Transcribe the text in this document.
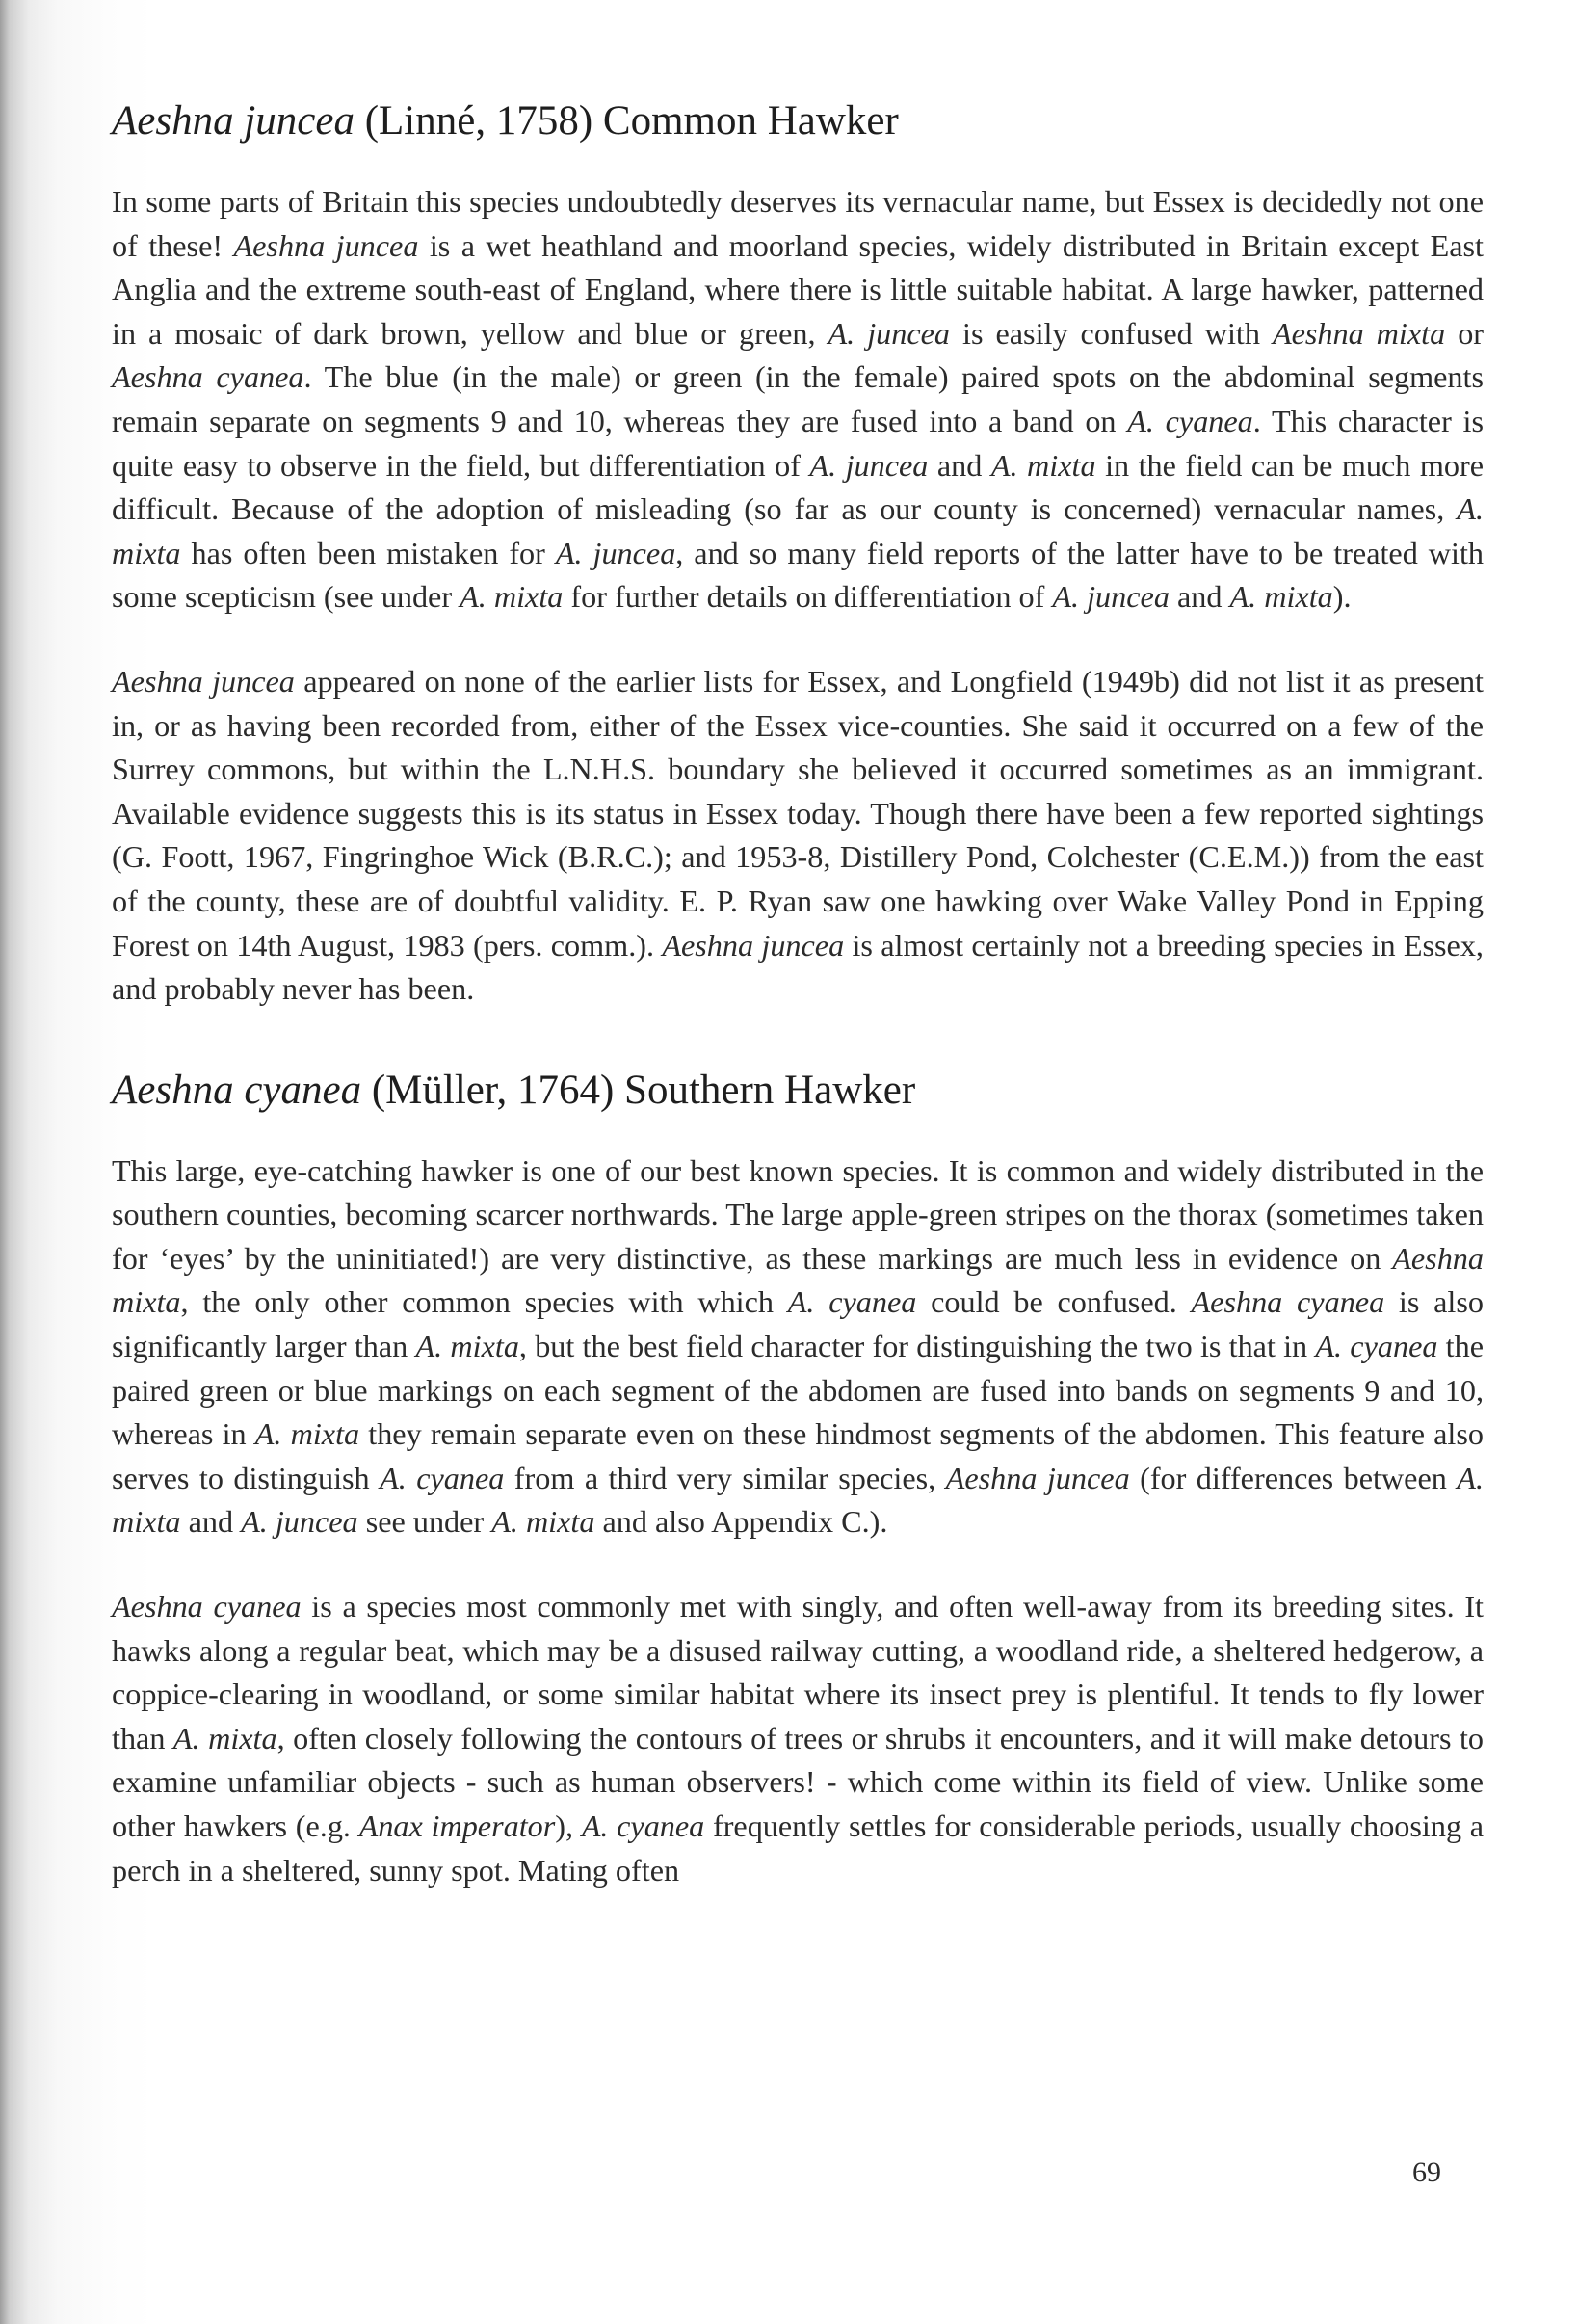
Aeshna juncea (Linné, 1758) Common Hawker

In some parts of Britain this species undoubtedly deserves its vernacular name, but Essex is decidedly not one of these! Aeshna juncea is a wet heathland and moorland species, widely distributed in Britain except East Anglia and the extreme south-east of England, where there is little suitable habitat. A large hawker, patterned in a mosaic of dark brown, yellow and blue or green, A. juncea is easily confused with Aeshna mixta or Aeshna cyanea. The blue (in the male) or green (in the female) paired spots on the abdominal segments remain separate on segments 9 and 10, whereas they are fused into a band on A. cyanea. This character is quite easy to observe in the field, but differentiation of A. juncea and A. mixta in the field can be much more difficult. Because of the adoption of misleading (so far as our county is concerned) vernacular names, A. mixta has often been mistaken for A. juncea, and so many field reports of the latter have to be treated with some scepticism (see under A. mixta for further details on differentiation of A. juncea and A. mixta).

Aeshna juncea appeared on none of the earlier lists for Essex, and Longfield (1949b) did not list it as present in, or as having been recorded from, either of the Essex vice-counties. She said it occurred on a few of the Surrey commons, but within the L.N.H.S. boundary she believed it occurred sometimes as an immigrant. Available evidence suggests this is its status in Essex today. Though there have been a few reported sightings (G. Foott, 1967, Fingringhoe Wick (B.R.C.); and 1953-8, Distillery Pond, Colchester (C.E.M.)) from the east of the county, these are of doubtful validity. E. P. Ryan saw one hawking over Wake Valley Pond in Epping Forest on 14th August, 1983 (pers. comm.). Aeshna juncea is almost certainly not a breeding species in Essex, and probably never has been.

Aeshna cyanea (Müller, 1764) Southern Hawker

This large, eye-catching hawker is one of our best known species. It is common and widely distributed in the southern counties, becoming scarcer northwards. The large apple-green stripes on the thorax (sometimes taken for ‘eyes’ by the uninitiated!) are very distinctive, as these markings are much less in evidence on Aeshna mixta, the only other common species with which A. cyanea could be confused. Aeshna cyanea is also significantly larger than A. mixta, but the best field character for distinguishing the two is that in A. cyanea the paired green or blue markings on each segment of the abdomen are fused into bands on segments 9 and 10, whereas in A. mixta they remain separate even on these hindmost segments of the abdomen. This feature also serves to distinguish A. cyanea from a third very similar species, Aeshna juncea (for differences between A. mixta and A. juncea see under A. mixta and also Appendix C.).

Aeshna cyanea is a species most commonly met with singly, and often well-away from its breeding sites. It hawks along a regular beat, which may be a disused railway cutting, a woodland ride, a sheltered hedgerow, a coppice-clearing in woodland, or some similar habitat where its insect prey is plentiful. It tends to fly lower than A. mixta, often closely following the contours of trees or shrubs it encounters, and it will make detours to examine unfamiliar objects - such as human observers! - which come within its field of view. Unlike some other hawkers (e.g. Anax imperator), A. cyanea frequently settles for considerable periods, usually choosing a perch in a sheltered, sunny spot. Mating often

69
